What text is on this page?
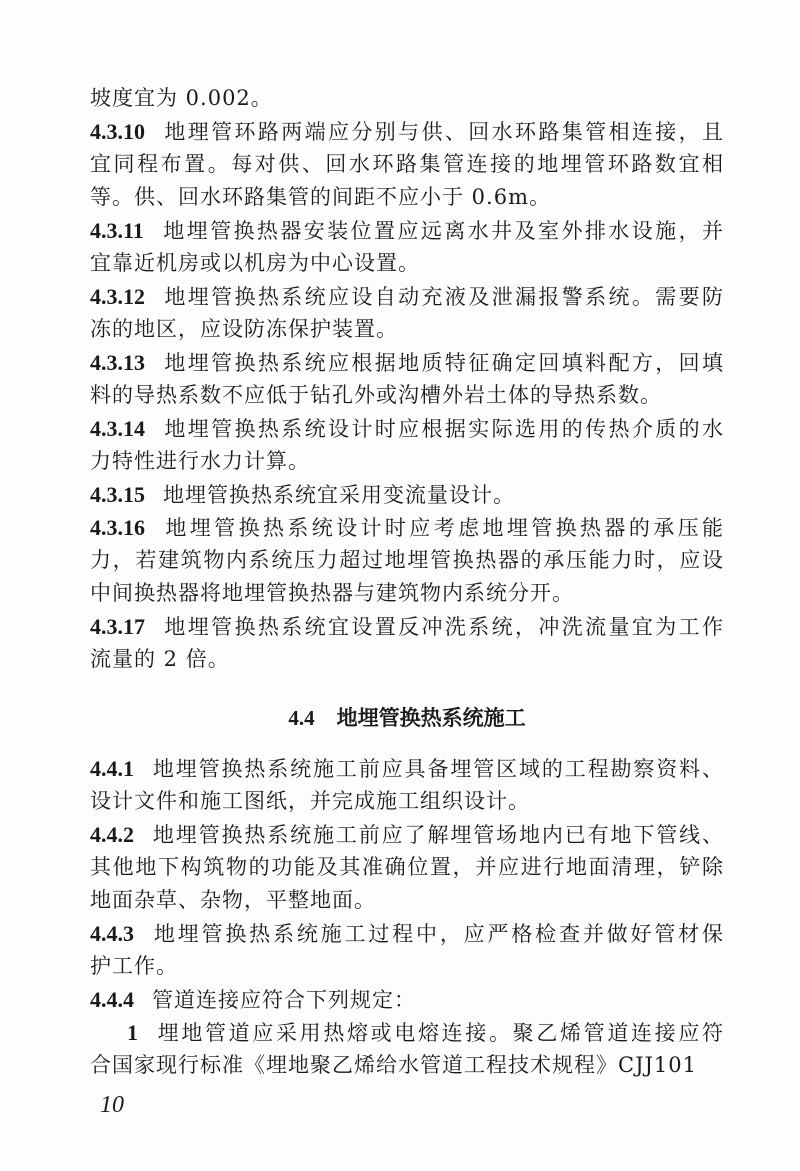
坡度宜为 0.002。
4.3.10 地理管环路两端应分别与供、回水环路集管相连接，且
宜同程布置。每对供、回水环路集管连接的地埋管环路数宜相
等。供、回水环路集管的间距不应小于 0.6m。
4.3.11 地埋管换热器安装位置应远离水井及室外排水设施，并
宜靠近机房或以机房为中心设置。
4.3.12 地埋管换热系统应设自动充液及泄漏报警系统。需要防
冻的地区，应设防冻保护装置。
4.3.13 地埋管换热系统应根据地质特征确定回填料配方，回填
料的导热系数不应低于钻孔外或沟槽外岩土体的导热系数。
4.3.14 地埋管换热系统设计时应根据实际选用的传热介质的水
力特性进行水力计算。
4.3.15 地埋管换热系统宜采用变流量设计。
4.3.16 地埋管换热系统设计时应考虑地埋管换热器的承压能
力，若建筑物内系统压力超过地埋管换热器的承压能力时，应设
中间换热器将地埋管换热器与建筑物内系统分开。
4.3.17 地埋管换热系统宜设置反冲洗系统，冲洗流量宜为工作
流量的 2 倍。
4.4 地埋管换热系统施工
4.4.1 地埋管换热系统施工前应具备埋管区域的工程勘察资料、
设计文件和施工图纸，并完成施工组织设计。
4.4.2 地埋管换热系统施工前应了解埋管场地内已有地下管线、
其他地下构筑物的功能及其准确位置，并应进行地面清理，铲除
地面杂草、杂物，平整地面。
4.4.3 地埋管换热系统施工过程中，应严格检查并做好管材保
护工作。
4.4.4 管道连接应符合下列规定：
1 埋地管道应采用热熔或电熔连接。聚乙烯管道连接应符
合国家现行标准《埋地聚乙烯给水管道工程技术规程》CJJ101
10
